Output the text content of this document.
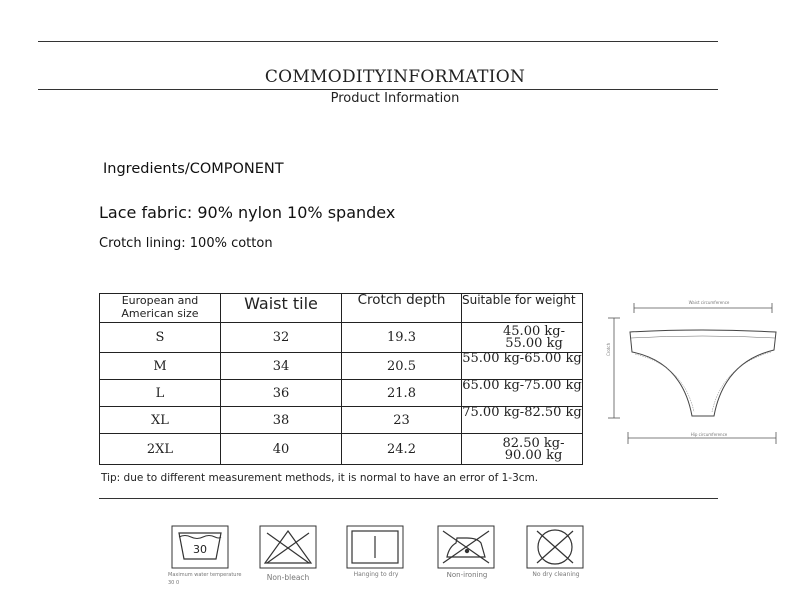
COMMODITYINFORMATION
Product Information
Ingredients/COMPONENT
Lace fabric: 90% nylon 10% spandex
Crotch lining: 100% cotton
European and American size	Waist tile	Crotch depth	Suitable for weight
S	32	19.3	45.00 kg-55.00 kg
M	34	20.5	55.00 kg-65.00 kg
L	36	21.8	65.00 kg-75.00 kg
XL	38	23	75.00 kg-82.50 kg
2XL	40	24.2	82.50 kg-90.00 kg
Waist circumference
Crotch
Hip circumference
Tip: due to different measurement methods, it is normal to have an error of 1-3cm.
30
Maximum water temperature 30 0
Non-bleach	Hanging to dry	Non-ironing	No dry cleaning
